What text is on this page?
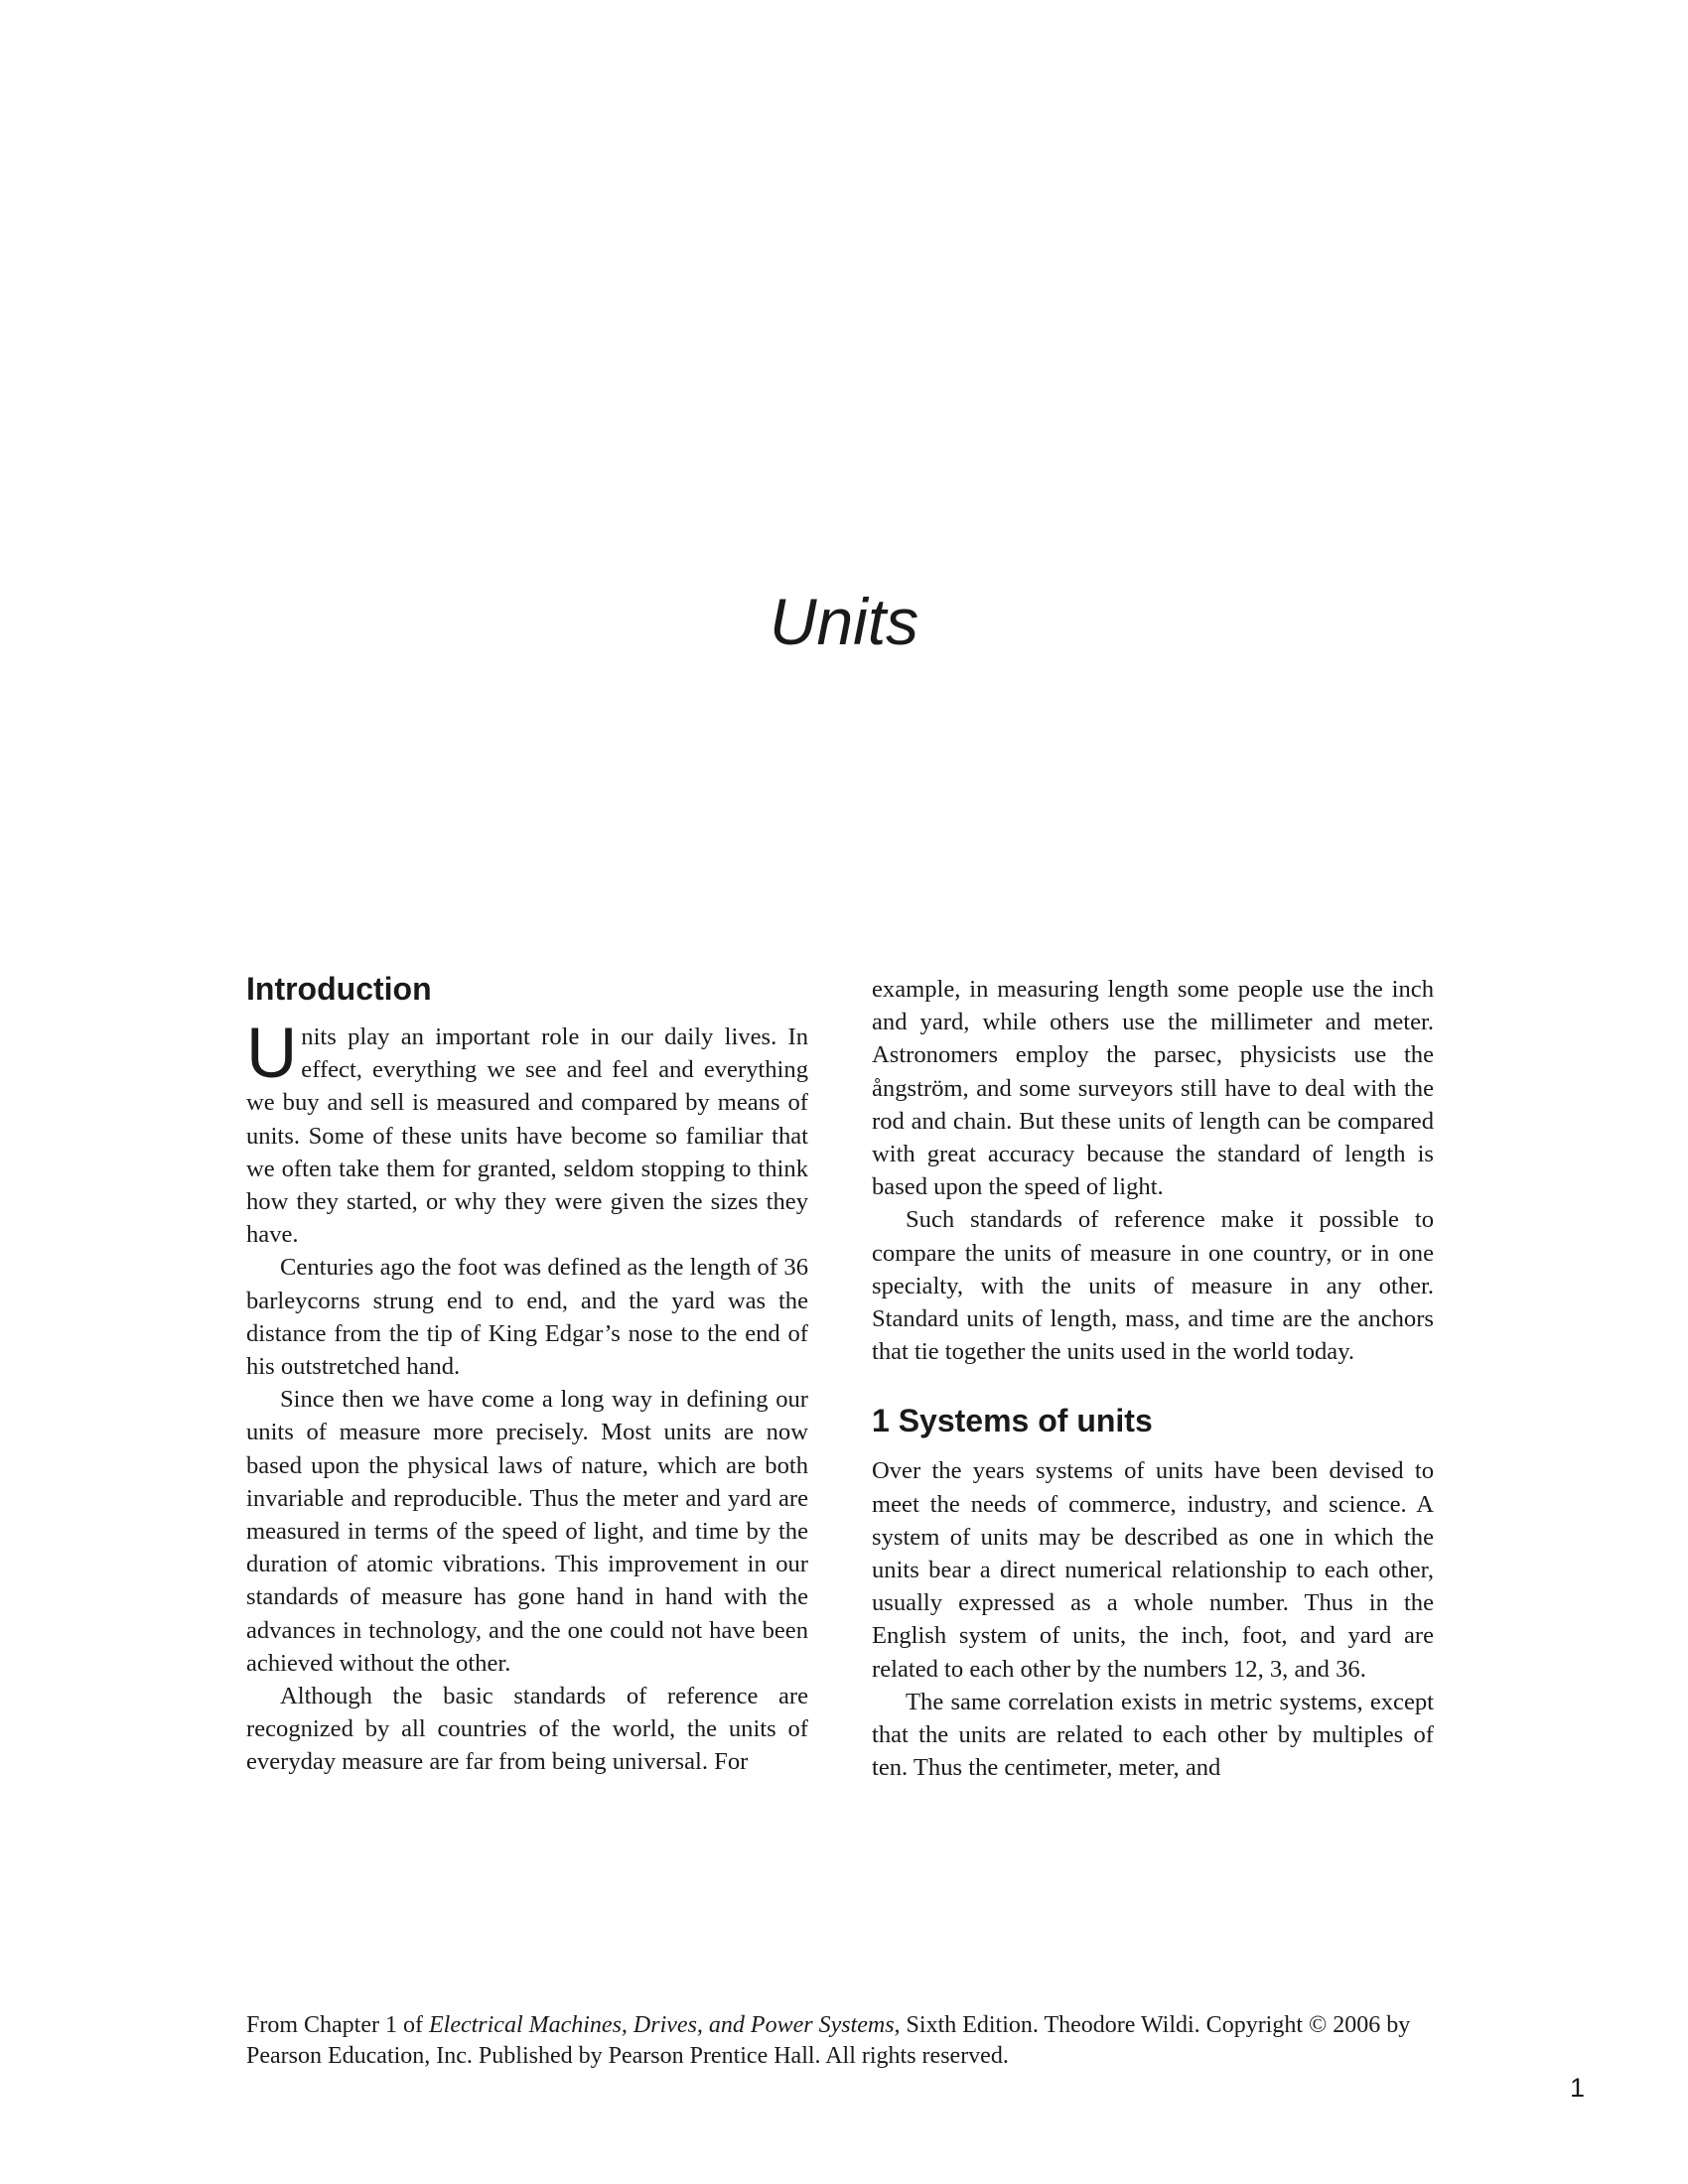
Units
Introduction

Units play an important role in our daily lives. In effect, everything we see and feel and everything we buy and sell is measured and compared by means of units. Some of these units have become so familiar that we often take them for granted, seldom stopping to think how they started, or why they were given the sizes they have.

Centuries ago the foot was defined as the length of 36 barleycorns strung end to end, and the yard was the distance from the tip of King Edgar’s nose to the end of his outstretched hand.

Since then we have come a long way in defining our units of measure more precisely. Most units are now based upon the physical laws of nature, which are both invariable and reproducible. Thus the meter and yard are measured in terms of the speed of light, and time by the duration of atomic vibrations. This improvement in our standards of measure has gone hand in hand with the advances in technology, and the one could not have been achieved without the other.

Although the basic standards of reference are recognized by all countries of the world, the units of everyday measure are far from being universal. For

example, in measuring length some people use the inch and yard, while others use the millimeter and meter. Astronomers employ the parsec, physicists use the ångström, and some surveyors still have to deal with the rod and chain. But these units of length can be compared with great accuracy because the standard of length is based upon the speed of light.

Such standards of reference make it possible to compare the units of measure in one country, or in one specialty, with the units of measure in any other. Standard units of length, mass, and time are the anchors that tie together the units used in the world today.

1 Systems of units

Over the years systems of units have been devised to meet the needs of commerce, industry, and science. A system of units may be described as one in which the units bear a direct numerical relationship to each other, usually expressed as a whole number. Thus in the English system of units, the inch, foot, and yard are related to each other by the numbers 12, 3, and 36.

The same correlation exists in metric systems, except that the units are related to each other by multiples of ten. Thus the centimeter, meter, and

From Chapter 1 of Electrical Machines, Drives, and Power Systems, Sixth Edition. Theodore Wildi. Copyright © 2006 by Pearson Education, Inc. Published by Pearson Prentice Hall. All rights reserved.
1
